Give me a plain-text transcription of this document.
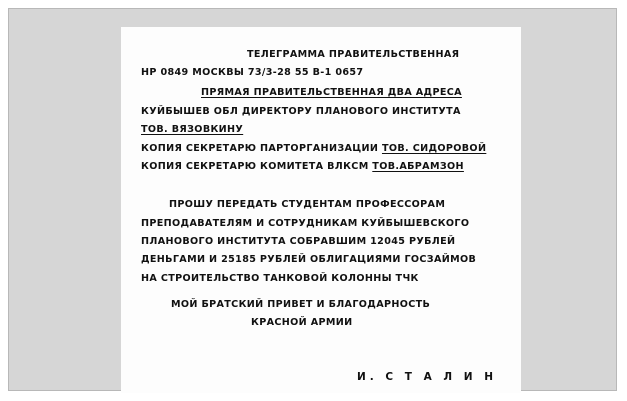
ТЕЛЕГРАММА ПРАВИТЕЛЬСТВЕННАЯ
НР 0849 МОСКВЫ 73/3-28 55 В-1 0657
ПРЯМАЯ ПРАВИТЕЛЬСТВЕННАЯ ДВА АДРЕСА
КУЙБЫШЕВ ОБЛ ДИРЕКТОРУ ПЛАНОВОГО ИНСТИТУТА
ТОВ. ВЯЗОВКИНУ
КОПИЯ СЕКРЕТАРЮ ПАРТОРГАНИЗАЦИИ ТОВ. СИДОРОВОЙ
КОПИЯ СЕКРЕТАРЮ КОМИТЕТА ВЛКСМ ТОВ.АБРАМЗОН
ПРОШУ ПЕРЕДАТЬ СТУДЕНТАМ ПРОФЕССОРАМ
ПРЕПОДАВАТЕЛЯМ И СОТРУДНИКАМ КУЙБЫШЕВСКОГО
ПЛАНОВОГО ИНСТИТУТА СОБРАВШИМ 12045 РУБЛЕЙ
ДЕНЬГАМИ И 25185 РУБЛЕЙ ОБЛИГАЦИЯМИ ГОСЗАЙМОВ
НА СТРОИТЕЛЬСТВО ТАНКОВОЙ КОЛОННЫ ТЧК
МОЙ БРАТСКИЙ ПРИВЕТ И БЛАГОДАРНОСТЬ
КРАСНОЙ АРМИИ
И. С Т А Л И Н
